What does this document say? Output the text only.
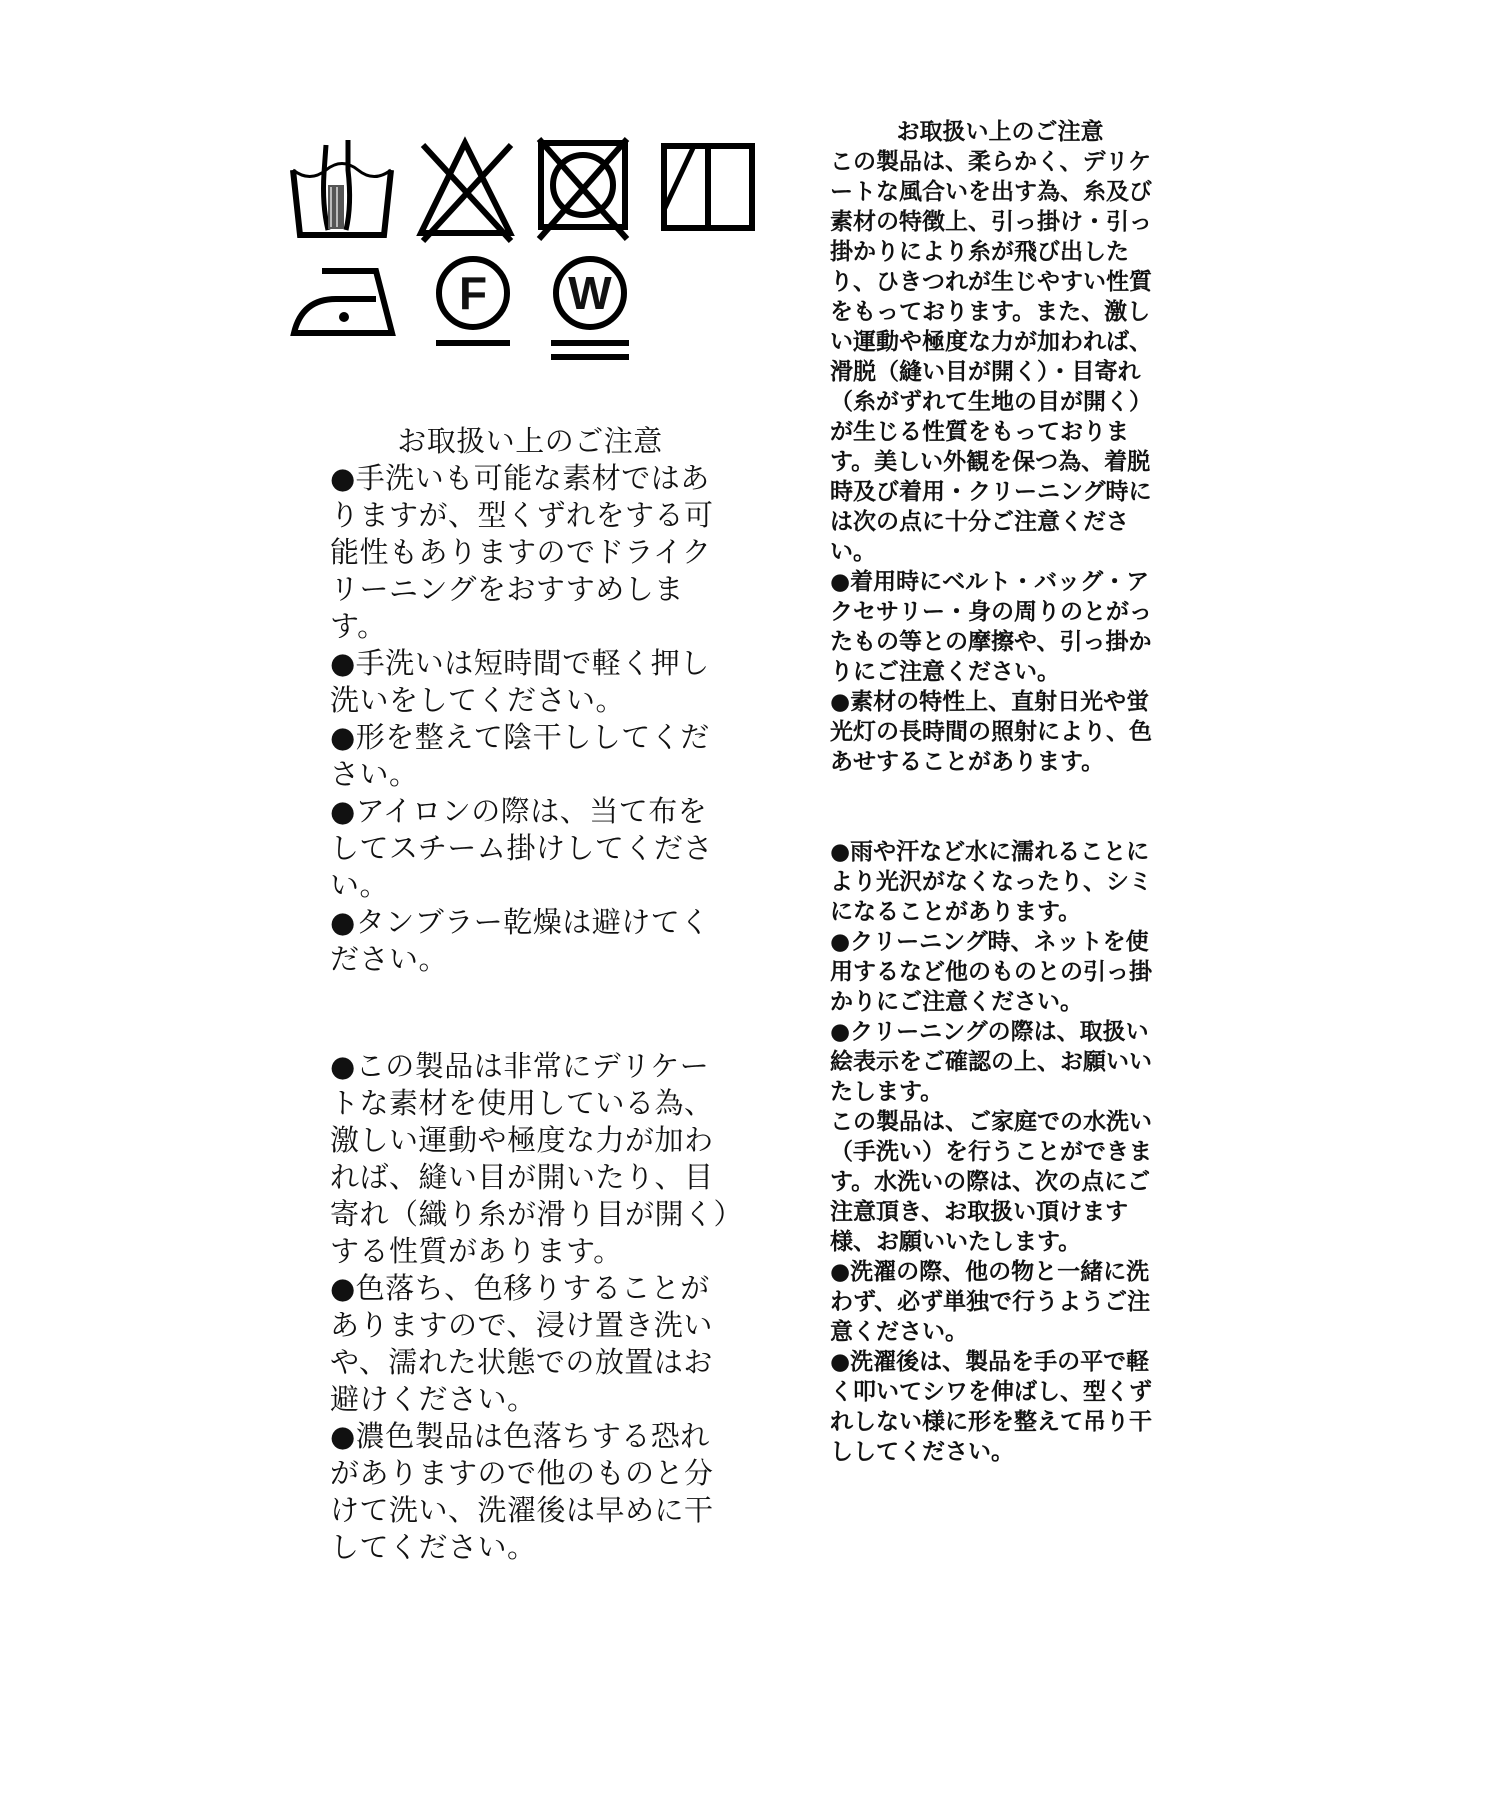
F	W

お取扱い上のご注意

●手洗いも可能な素材ではありますが、型くずれをする可能性もありますのでドライクリーニングをおすすめします。

●手洗いは短時間で軽く押し洗いをしてください。

●形を整えて陰干ししてください。

●アイロンの際は、当て布をしてスチーム掛けしてください。

●タンブラー乾燥は避けてください。

●この製品は非常にデリケートな素材を使用している為、激しい運動や極度な力が加われば、縫い目が開いたり、目寄れ（織り糸が滑り目が開く）する性質があります。

●色落ち、色移りすることがありますので、浸け置き洗いや、濡れた状態での放置はお避けください。

●濃色製品は色落ちする恐れがありますので他のものと分けて洗い、洗濯後は早めに干してください。

お取扱い上のご注意

この製品は、柔らかく、デリケートな風合いを出す為、糸及び素材の特徴上、引っ掛け・引っ掛かりにより糸が飛び出したり、ひきつれが生じやすい性質をもっております。また、激しい運動や極度な力が加われば、滑脱（縫い目が開く）・目寄れ（糸がずれて生地の目が開く）が生じる性質をもっております。美しい外観を保つ為、着脱時及び着用・クリーニング時には次の点に十分ご注意ください。

●着用時にベルト・バッグ・アクセサリー・身の周りのとがったもの等との摩擦や、引っ掛かりにご注意ください。

●素材の特性上、直射日光や蛍光灯の長時間の照射により、色あせすることがあります。

●雨や汗など水に濡れることにより光沢がなくなったり、シミになることがあります。

●クリーニング時、ネットを使用するなど他のものとの引っ掛かりにご注意ください。

●クリーニングの際は、取扱い絵表示をご確認の上、お願いいたします。

この製品は、ご家庭での水洗い（手洗い）を行うことができます。水洗いの際は、次の点にご注意頂き、お取扱い頂けます様、お願いいたします。

●洗濯の際、他の物と一緒に洗わず、必ず単独で行うようご注意ください。

●洗濯後は、製品を手の平で軽く叩いてシワを伸ばし、型くずれしない様に形を整えて吊り干ししてください。
